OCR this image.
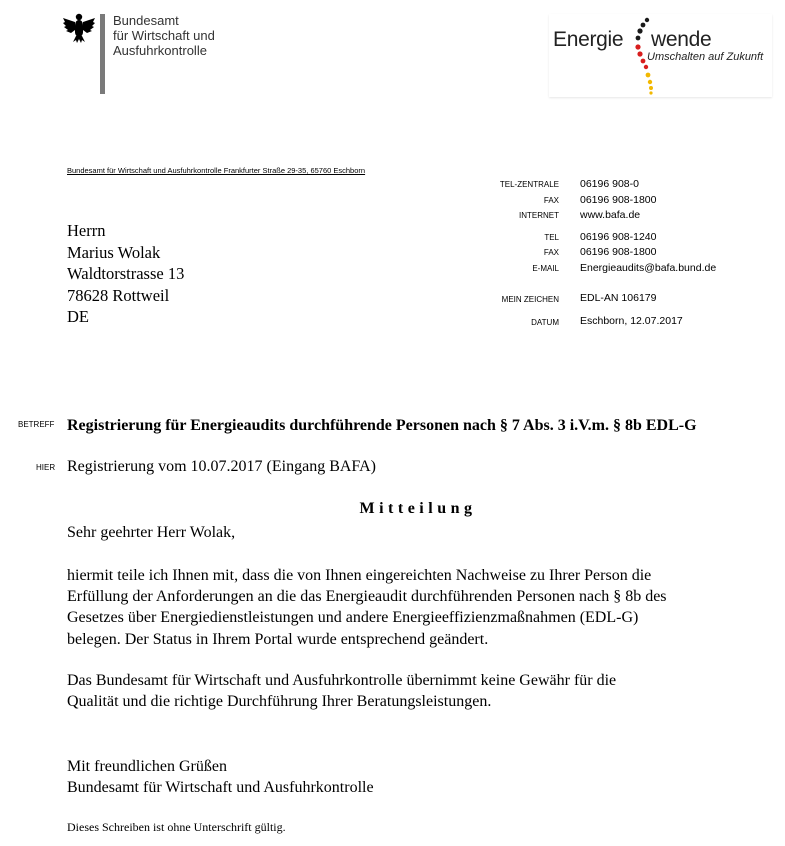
Bundesamt
für Wirtschaft und
Ausfuhrkontrolle	Energie wende
Umschalten auf Zukunft
Bundesamt für Wirtschaft und Ausfuhrkontrolle Frankfurter Straße 29-35, 65760 Eschborn
Herrn
Marius Wolak
Waldtorstrasse 13
78628 Rottweil
DE
TEL-ZENTRALE 06196 908-0
FAX 06196 908-1800
INTERNET www.bafa.de
TEL 06196 908-1240
FAX 06196 908-1800
E-MAIL Energieaudits@bafa.bund.de
MEIN ZEICHEN EDL-AN 106179
DATUM Eschborn, 12.07.2017
BETREFF Registrierung für Energieaudits durchführende Personen nach § 7 Abs. 3 i.V.m. § 8b EDL-G
HIER Registrierung vom 10.07.2017 (Eingang BAFA)
Mitteilung
Sehr geehrter Herr Wolak,
hiermit teile ich Ihnen mit, dass die von Ihnen eingereichten Nachweise zu Ihrer Person die
Erfüllung der Anforderungen an die das Energieaudit durchführenden Personen nach § 8b des
Gesetzes über Energiedienstleistungen und andere Energieeffizienzmaßnahmen (EDL-G)
belegen. Der Status in Ihrem Portal wurde entsprechend geändert.
Das Bundesamt für Wirtschaft und Ausfuhrkontrolle übernimmt keine Gewähr für die
Qualität und die richtige Durchführung Ihrer Beratungsleistungen.
Mit freundlichen Grüßen
Bundesamt für Wirtschaft und Ausfuhrkontrolle
Dieses Schreiben ist ohne Unterschrift gültig.
